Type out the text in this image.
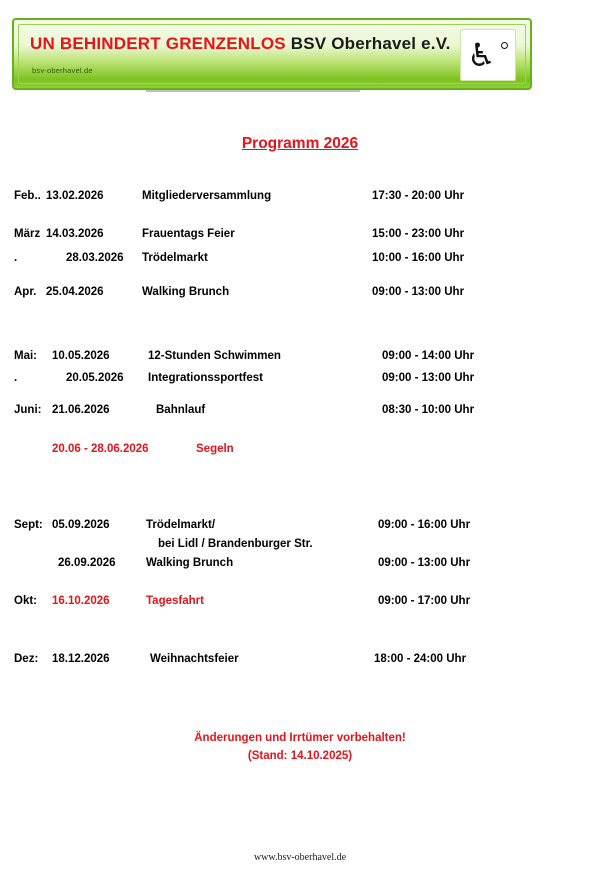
UN BEHINDERT GRENZENLOS BSV Oberhavel e.V.
bsv-oberhavel.de	♿
Programm 2026
Feb.. 13.02.2026	Mitgliederversammlung	17:30 - 20:00 Uhr
März 14.03.2026	Frauentags Feier	15:00 - 23:00 Uhr
.	28.03.2026	Trödelmarkt	10:00 - 16:00 Uhr
Apr. 25.04.2026	Walking Brunch	09:00 - 13:00 Uhr
Mai:	10.05.2026	12-Stunden Schwimmen	09:00 - 14:00 Uhr
.	20.05.2026	Integrationssportfest	09:00 - 13:00 Uhr
Juni: 21.06.2026	Bahnlauf	08:30 - 10:00 Uhr
20.06 - 28.06.2026	Segeln
Sept: 05.09.2026	Trödelmarkt/	09:00 - 16:00 Uhr
bei Lidl / Brandenburger Str.
26.09.2026	Walking Brunch	09:00 - 13:00 Uhr
Okt:	16.10.2026	Tagesfahrt	09:00 - 17:00 Uhr
Dez:	18.12.2026	Weihnachtsfeier	18:00 - 24:00 Uhr
Änderungen und Irrtümer vorbehalten!
(Stand: 14.10.2025)
www.bsv-oberhavel.de
